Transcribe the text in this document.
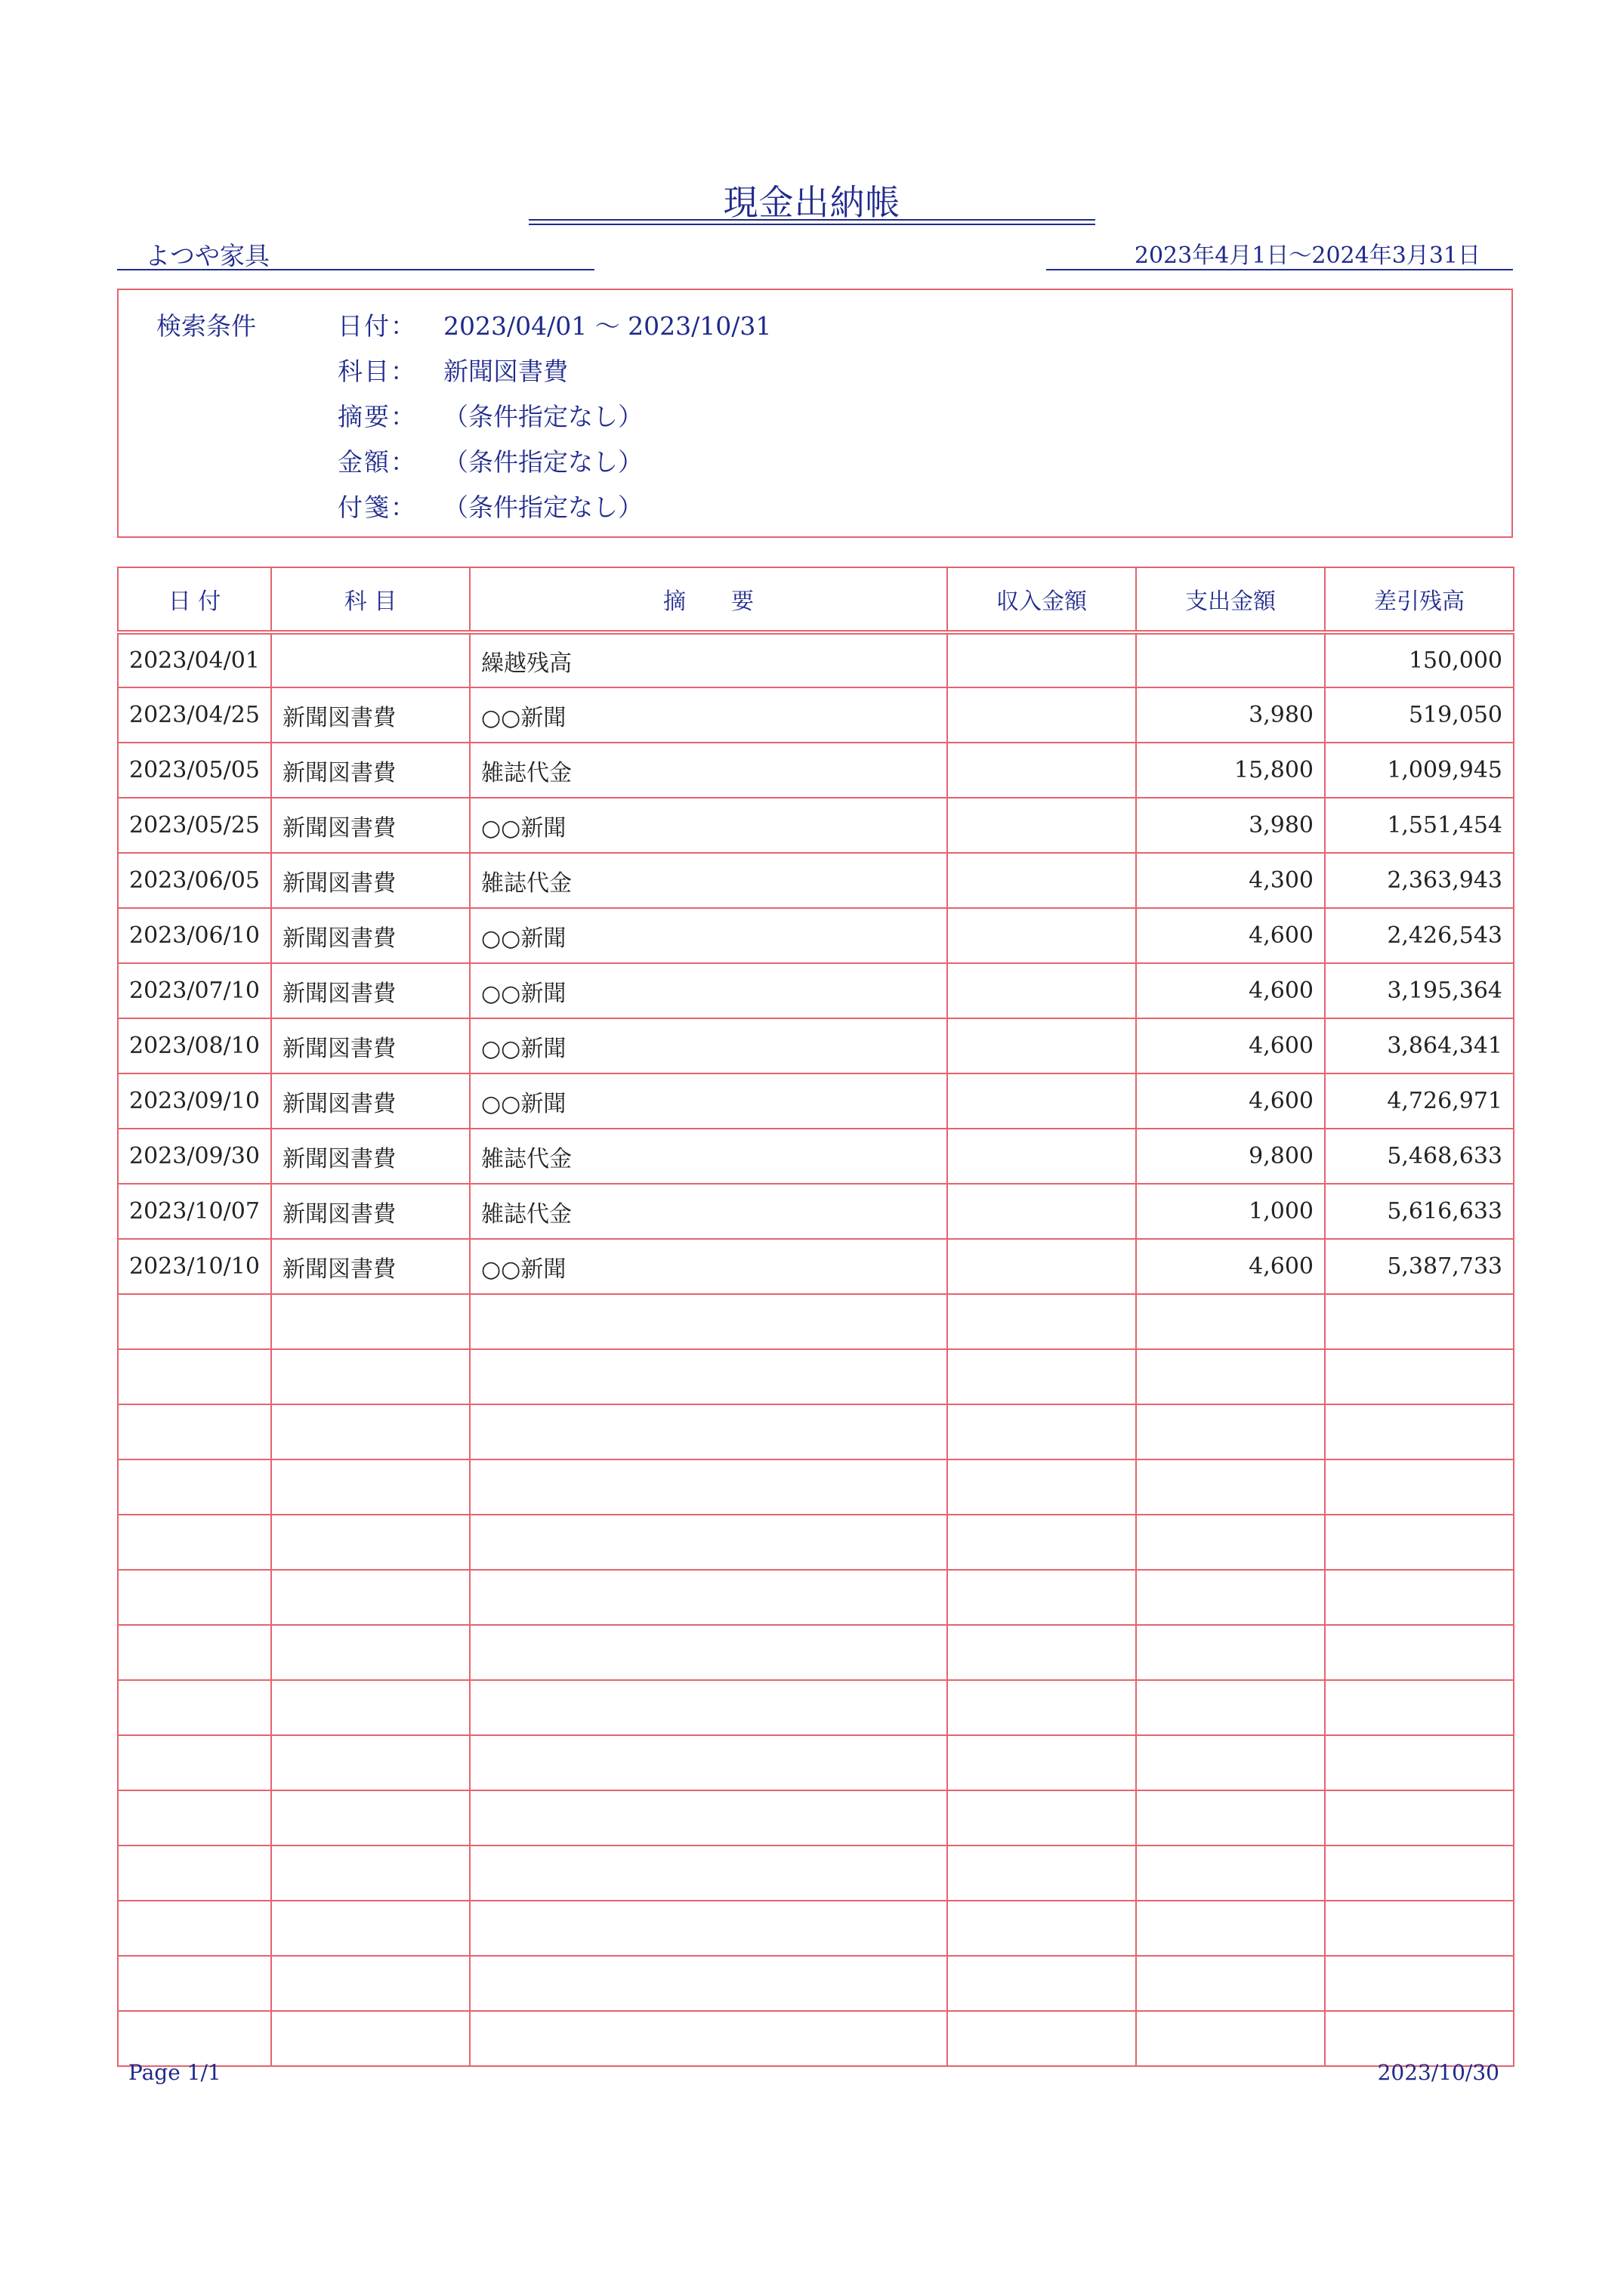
現金出納帳
よつや家具	2023年4月1日～2024年3月31日
検索条件	日付： 2023/04/01 ～ 2023/10/31
科目： 新聞図書費
摘要： （条件指定なし）
金額： （条件指定なし）
付箋： （条件指定なし）
日 付	科 目	摘　　要	収入金額	支出金額	差引残高
2023/04/01		繰越残高			150,000
2023/04/25	新聞図書費	○○新聞		3,980	519,050
2023/05/05	新聞図書費	雑誌代金		15,800	1,009,945
2023/05/25	新聞図書費	○○新聞		3,980	1,551,454
2023/06/05	新聞図書費	雑誌代金		4,300	2,363,943
2023/06/10	新聞図書費	○○新聞		4,600	2,426,543
2023/07/10	新聞図書費	○○新聞		4,600	3,195,364
2023/08/10	新聞図書費	○○新聞		4,600	3,864,341
2023/09/10	新聞図書費	○○新聞		4,600	4,726,971
2023/09/30	新聞図書費	雑誌代金		9,800	5,468,633
2023/10/07	新聞図書費	雑誌代金		1,000	5,616,633
2023/10/10	新聞図書費	○○新聞		4,600	5,387,733

Page 1/1	2023/10/30
